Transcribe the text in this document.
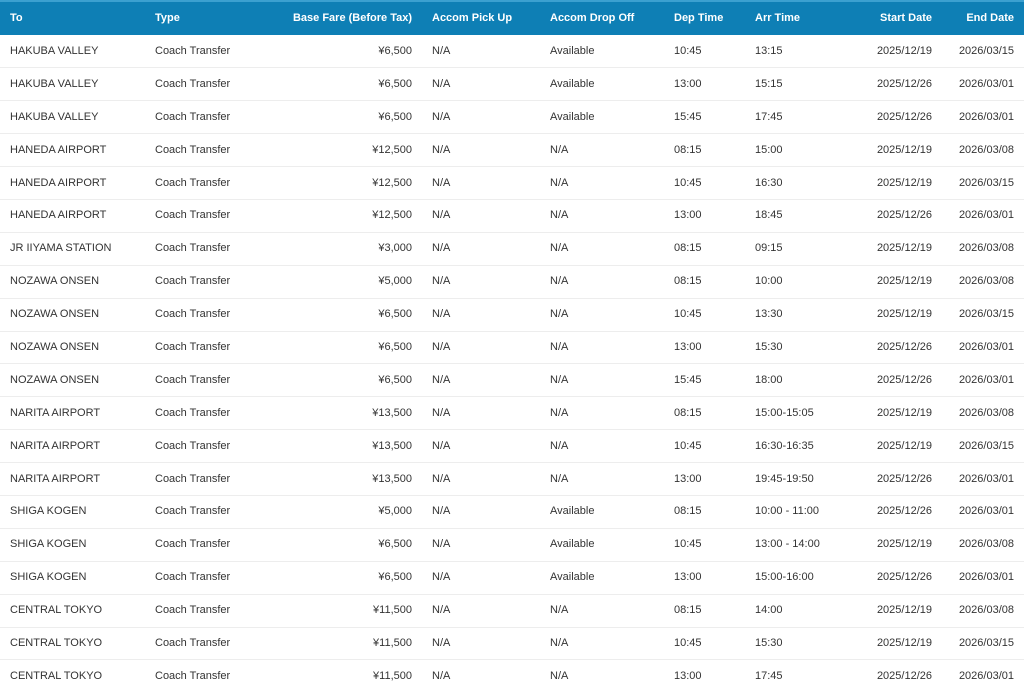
To	Type	Base Fare (Before Tax)	Accom Pick Up	Accom Drop Off	Dep Time	Arr Time	Start Date	End Date
HAKUBA VALLEY	Coach Transfer	¥6,500	N/A	Available	10:45	13:15	2025/12/19	2026/03/15
HAKUBA VALLEY	Coach Transfer	¥6,500	N/A	Available	13:00	15:15	2025/12/26	2026/03/01
HAKUBA VALLEY	Coach Transfer	¥6,500	N/A	Available	15:45	17:45	2025/12/26	2026/03/01
HANEDA AIRPORT	Coach Transfer	¥12,500	N/A	N/A	08:15	15:00	2025/12/19	2026/03/08
HANEDA AIRPORT	Coach Transfer	¥12,500	N/A	N/A	10:45	16:30	2025/12/19	2026/03/15
HANEDA AIRPORT	Coach Transfer	¥12,500	N/A	N/A	13:00	18:45	2025/12/26	2026/03/01
JR IIYAMA STATION	Coach Transfer	¥3,000	N/A	N/A	08:15	09:15	2025/12/19	2026/03/08
NOZAWA ONSEN	Coach Transfer	¥5,000	N/A	N/A	08:15	10:00	2025/12/19	2026/03/08
NOZAWA ONSEN	Coach Transfer	¥6,500	N/A	N/A	10:45	13:30	2025/12/19	2026/03/15
NOZAWA ONSEN	Coach Transfer	¥6,500	N/A	N/A	13:00	15:30	2025/12/26	2026/03/01
NOZAWA ONSEN	Coach Transfer	¥6,500	N/A	N/A	15:45	18:00	2025/12/26	2026/03/01
NARITA AIRPORT	Coach Transfer	¥13,500	N/A	N/A	08:15	15:00-15:05	2025/12/19	2026/03/08
NARITA AIRPORT	Coach Transfer	¥13,500	N/A	N/A	10:45	16:30-16:35	2025/12/19	2026/03/15
NARITA AIRPORT	Coach Transfer	¥13,500	N/A	N/A	13:00	19:45-19:50	2025/12/26	2026/03/01
SHIGA KOGEN	Coach Transfer	¥5,000	N/A	Available	08:15	10:00 - 11:00	2025/12/26	2026/03/01
SHIGA KOGEN	Coach Transfer	¥6,500	N/A	Available	10:45	13:00 - 14:00	2025/12/19	2026/03/08
SHIGA KOGEN	Coach Transfer	¥6,500	N/A	Available	13:00	15:00-16:00	2025/12/26	2026/03/01
CENTRAL TOKYO	Coach Transfer	¥11,500	N/A	N/A	08:15	14:00	2025/12/19	2026/03/08
CENTRAL TOKYO	Coach Transfer	¥11,500	N/A	N/A	10:45	15:30	2025/12/19	2026/03/15
CENTRAL TOKYO	Coach Transfer	¥11,500	N/A	N/A	13:00	17:45	2025/12/26	2026/03/01
